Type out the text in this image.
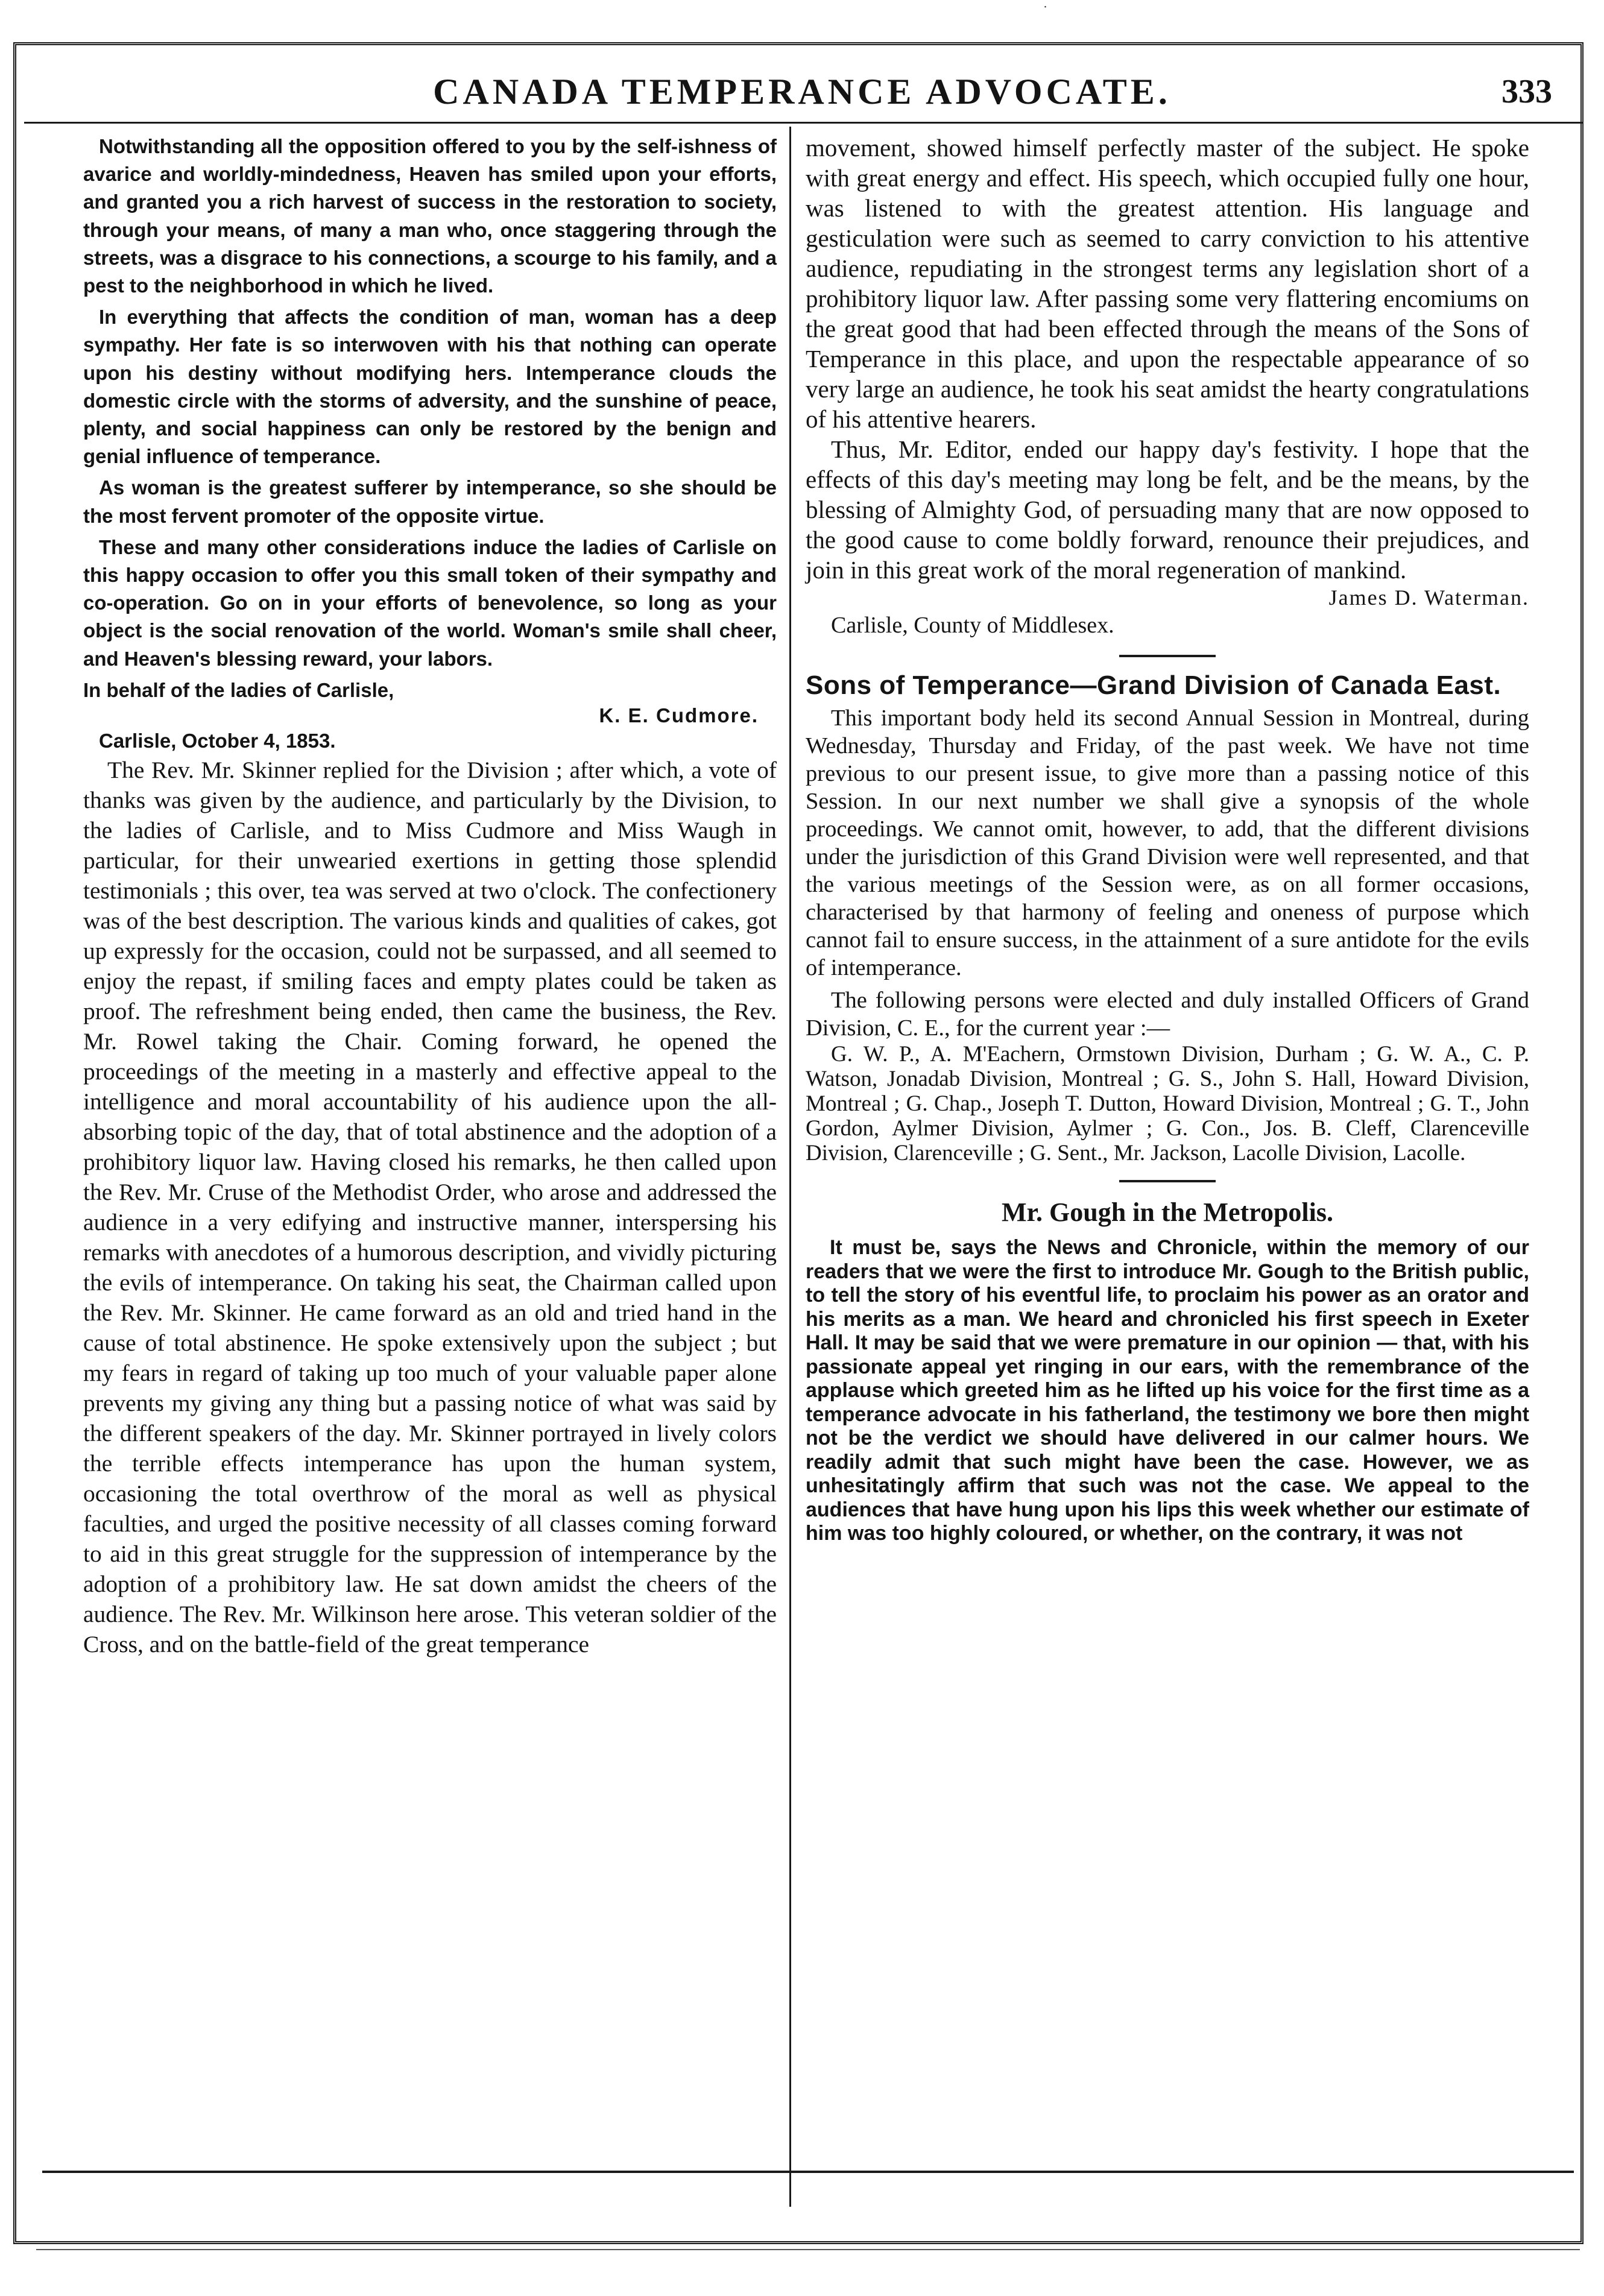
˙
CANADA TEMPERANCE ADVOCATE.	333

Notwithstanding all the opposition offered to you by the self-ishness of avarice and worldly-mindedness, Heaven has smiled upon your efforts, and granted you a rich harvest of success in the restoration to society, through your means, of many a man who, once staggering through the streets, was a disgrace to his connections, a scourge to his family, and a pest to the neighborhood in which he lived.

In everything that affects the condition of man, woman has a deep sympathy. Her fate is so interwoven with his that nothing can operate upon his destiny without modifying hers. Intemperance clouds the domestic circle with the storms of adversity, and the sunshine of peace, plenty, and social happiness can only be restored by the benign and genial influence of temperance.

As woman is the greatest sufferer by intemperance, so she should be the most fervent promoter of the opposite virtue.

These and many other considerations induce the ladies of Carlisle on this happy occasion to offer you this small token of their sympathy and co-operation. Go on in your efforts of benevolence, so long as your object is the social renovation of the world. Woman's smile shall cheer, and Heaven's blessing reward, your labors.

In behalf of the ladies of Carlisle,

K. E. Cudmore.

Carlisle, October 4, 1853.

The Rev. Mr. Skinner replied for the Division ; after which, a vote of thanks was given by the audience, and particularly by the Division, to the ladies of Carlisle, and to Miss Cudmore and Miss Waugh in particular, for their unwearied exertions in getting those splendid testimonials ; this over, tea was served at two o'clock. The confectionery was of the best description. The various kinds and qualities of cakes, got up expressly for the occasion, could not be surpassed, and all seemed to enjoy the repast, if smiling faces and empty plates could be taken as proof. The refreshment being ended, then came the business, the Rev. Mr. Rowel taking the Chair. Coming forward, he opened the proceedings of the meeting in a masterly and effective appeal to the intelligence and moral accountability of his audience upon the all-absorbing topic of the day, that of total abstinence and the adoption of a prohibitory liquor law. Having closed his remarks, he then called upon the Rev. Mr. Cruse of the Methodist Order, who arose and addressed the audience in a very edifying and instructive manner, interspersing his remarks with anecdotes of a humorous description, and vividly picturing the evils of intemperance. On taking his seat, the Chairman called upon the Rev. Mr. Skinner. He came forward as an old and tried hand in the cause of total abstinence. He spoke extensively upon the subject ; but my fears in regard of taking up too much of your valuable paper alone prevents my giving any thing but a passing notice of what was said by the different speakers of the day. Mr. Skinner portrayed in lively colors the terrible effects intemperance has upon the human system, occasioning the total overthrow of the moral as well as physical faculties, and urged the positive necessity of all classes coming forward to aid in this great struggle for the suppression of intemperance by the adoption of a prohibitory law. He sat down amidst the cheers of the audience. The Rev. Mr. Wilkinson here arose. This veteran soldier of the Cross, and on the battle-field of the great temperance

movement, showed himself perfectly master of the subject. He spoke with great energy and effect. His speech, which occupied fully one hour, was listened to with the greatest attention. His language and gesticulation were such as seemed to carry conviction to his attentive audience, repudiating in the strongest terms any legislation short of a prohibitory liquor law. After passing some very flattering encomiums on the great good that had been effected through the means of the Sons of Temperance in this place, and upon the respectable appearance of so very large an audience, he took his seat amidst the hearty congratulations of his attentive hearers.

Thus, Mr. Editor, ended our happy day's festivity. I hope that the effects of this day's meeting may long be felt, and be the means, by the blessing of Almighty God, of persuading many that are now opposed to the good cause to come boldly forward, renounce their prejudices, and join in this great work of the moral regeneration of mankind.

James D. Waterman.

Carlisle, County of Middlesex.

Sons of Temperance—Grand Division of Canada East.

This important body held its second Annual Session in Montreal, during Wednesday, Thursday and Friday, of the past week. We have not time previous to our present issue, to give more than a passing notice of this Session. In our next number we shall give a synopsis of the whole proceedings. We cannot omit, however, to add, that the different divisions under the jurisdiction of this Grand Division were well represented, and that the various meetings of the Session were, as on all former occasions, characterised by that harmony of feeling and oneness of purpose which cannot fail to ensure success, in the attainment of a sure antidote for the evils of intemperance.

The following persons were elected and duly installed Officers of Grand Division, C. E., for the current year :—

G. W. P., A. M'Eachern, Ormstown Division, Durham ; G. W. A., C. P. Watson, Jonadab Division, Montreal ; G. S., John S. Hall, Howard Division, Montreal ; G. Chap., Joseph T. Dutton, Howard Division, Montreal ; G. T., John Gordon, Aylmer Division, Aylmer ; G. Con., Jos. B. Cleff, Clarenceville Division, Clarenceville ; G. Sent., Mr. Jackson, Lacolle Division, Lacolle.

Mr. Gough in the Metropolis.

It must be, says the News and Chronicle, within the memory of our readers that we were the first to introduce Mr. Gough to the British public, to tell the story of his eventful life, to proclaim his power as an orator and his merits as a man. We heard and chronicled his first speech in Exeter Hall. It may be said that we were premature in our opinion — that, with his passionate appeal yet ringing in our ears, with the remembrance of the applause which greeted him as he lifted up his voice for the first time as a temperance advocate in his fatherland, the testimony we bore then might not be the verdict we should have delivered in our calmer hours. We readily admit that such might have been the case. However, we as unhesitatingly affirm that such was not the case. We appeal to the audiences that have hung upon his lips this week whether our estimate of him was too highly coloured, or whether, on the contrary, it was not
